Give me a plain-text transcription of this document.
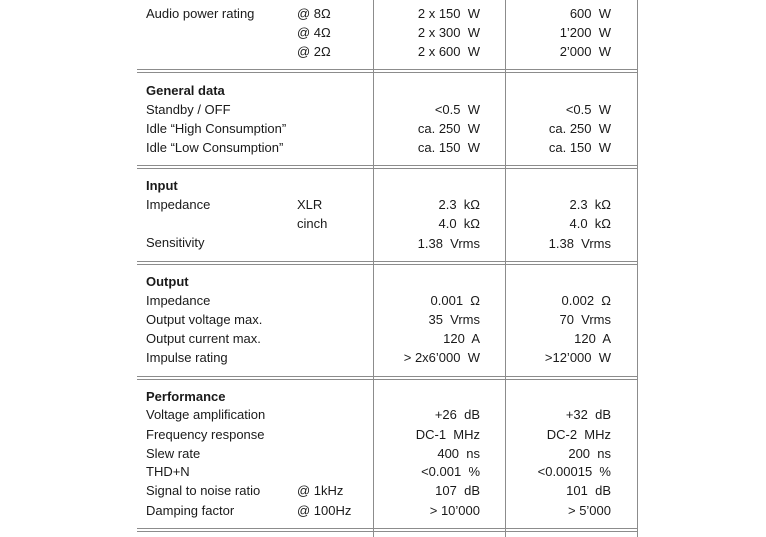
Audio power rating	@ 8Ω	2 x 150  W	600  W
@ 4Ω	2 x 300  W	1’200  W
@ 2Ω	2 x 600  W	2’000  W
General data
Standby / OFF	<0.5  W	<0.5  W
Idle “High Consumption”	ca. 250  W	ca. 250  W
Idle “Low Consumption”	ca. 150  W	ca. 150  W
Input
Impedance	XLR	2.3  kΩ	2.3  kΩ
cinch	4.0  kΩ	4.0  kΩ
Sensitivity	1.38  Vrms	1.38  Vrms
Output
Impedance	0.001  Ω	0.002  Ω
Output voltage max.	35  Vrms	70  Vrms
Output current max.	120  A	120  A
Impulse rating	> 2x6’000  W	>12’000  W
Performance
Voltage amplification	+26  dB	+32  dB
Frequency response	DC-1  MHz	DC-2  MHz
Slew rate	400  ns	200  ns
THD+N	<0.001  %	<0.00015  %
Signal to noise ratio	@ 1kHz	107  dB	101  dB
Damping factor	@ 100Hz	> 10’000	> 5’000
